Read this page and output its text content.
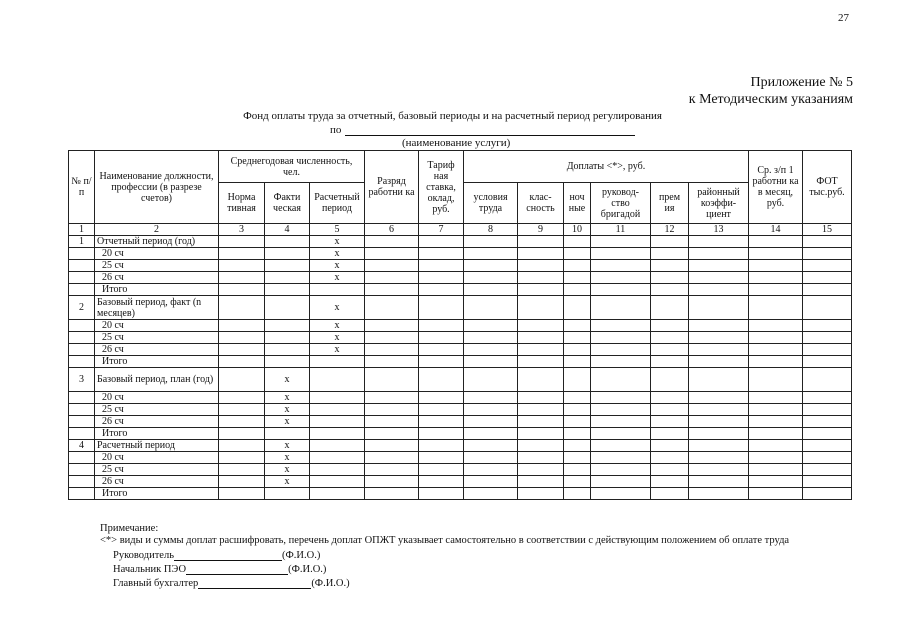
27
Приложение № 5
к Методическим указаниям
Фонд оплаты труда за отчетный, базовый периоды и на расчетный период регулирования
по
(наименование услуги)
№ п/п	Наименование должности, профессии (в разрезе счетов)	Среднегодовая численность, чел.			Разряд работни ка	Тариф ная ставка, оклад, руб.	Доплаты <*>, руб.						Ср. з/п 1 работни ка в месяц, руб.	ФОТ тыс.руб.
		Норма тивная	Факти ческая	Расчетный период			условия труда	клас- сность	ноч ные	руковод- ство бригадой	прем ия	районный коэффи- циент		
1	2	3	4	5	6	7	8	9	10	11	12	13	14	15
1	Отчетный период (год)			х										
	20 сч			х										
	25 сч			х										
	26 сч			х										
	Итого													
2	Базовый период, факт (n месяцев)			х										
	20 сч			х										
	25 сч			х										
	26 сч			х										
	Итого													
3	Базовый период, план (год)		х											
	20 сч		х											
	25 сч		х											
	26 сч		х											
	Итого													
4	Расчетный период		х											
	20 сч		х											
	25 сч		х											
	26 сч		х											
	Итого													
Примечание:
<*> виды и суммы доплат расшифровать, перечень доплат ОПЖТ указывает самостоятельно в соответствии с действующим положением об оплате труда
Руководитель	(Ф.И.О.)
Начальник ПЭО	(Ф.И.О.)
Главный бухгалтер	(Ф.И.О.)
